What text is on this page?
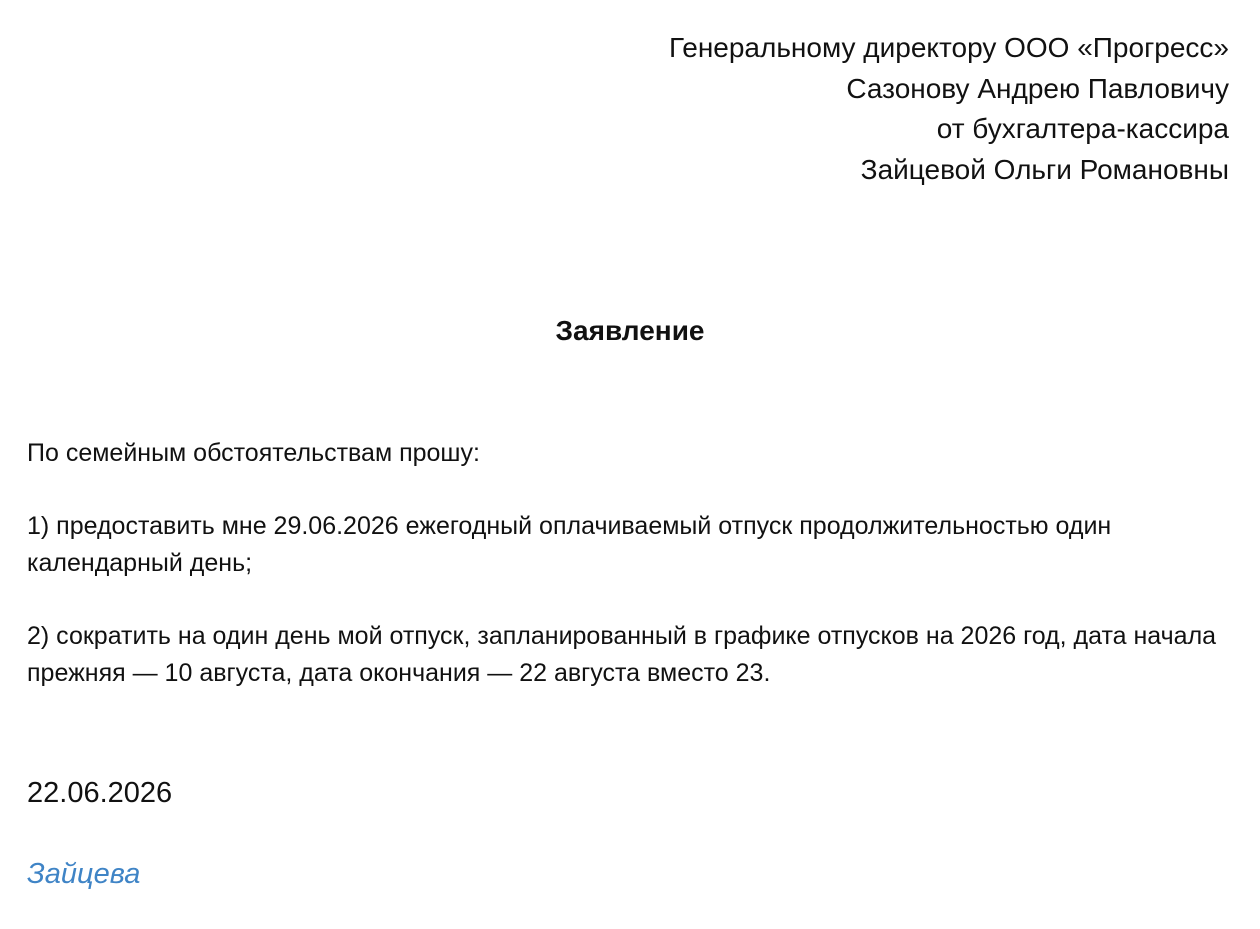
Генеральному директору ООО «Прогресс»
Сазонову Андрею Павловичу
от бухгалтера-кассира
Зайцевой Ольги Романовны
Заявление

По семейным обстоятельствам прошу:

1) предоставить мне 29.06.2026 ежегодный оплачиваемый отпуск продолжительностью один календарный день;

2) сократить на один день мой отпуск, запланированный в графике отпусков на 2026 год, дата начала прежняя — 10 августа, дата окончания — 22 августа вместо 23.

22.06.2026
Зайцева
